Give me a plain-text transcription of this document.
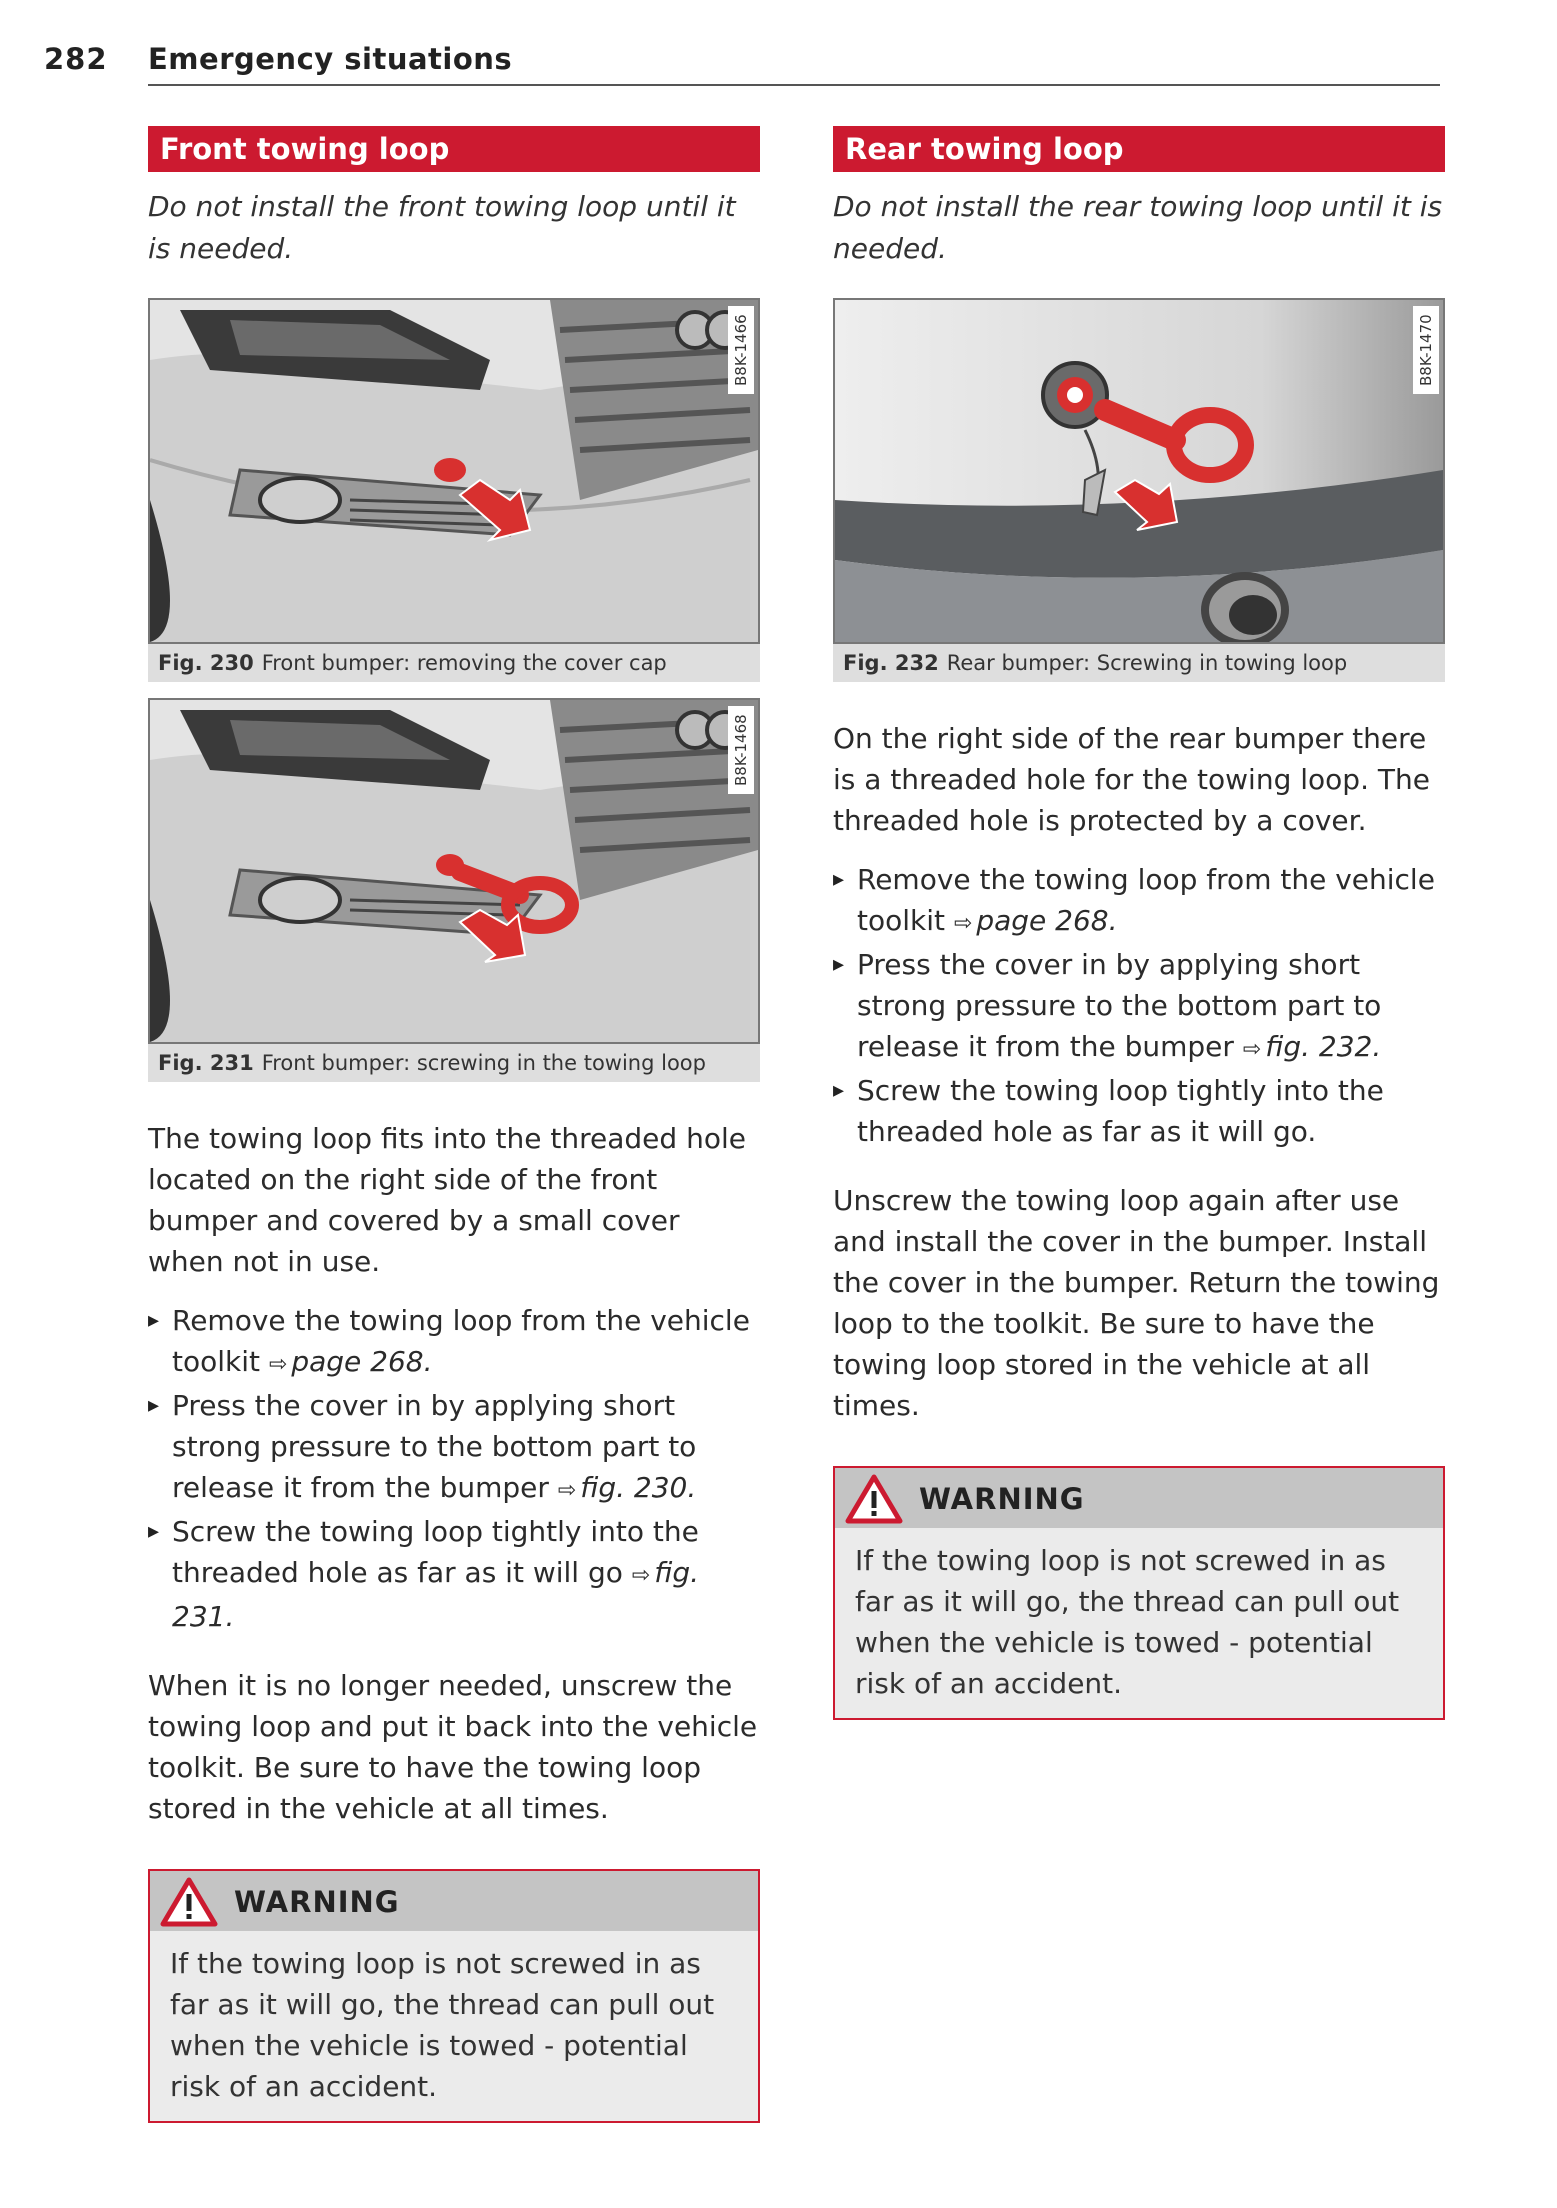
282 Emergency situations
Front towing loop
Do not install the front towing loop until it is needed.
B8K-1466
Fig. 230 Front bumper: removing the cover cap
B8K-1468
Fig. 231 Front bumper: screwing in the towing loop
The towing loop fits into the threaded hole located on the right side of the front bumper and covered by a small cover when not in use.
▸ Remove the towing loop from the vehicle toolkit ⇨ page 268.
▸ Press the cover in by applying short strong pressure to the bottom part to release it from the bumper ⇨ fig. 230.
▸ Screw the towing loop tightly into the threaded hole as far as it will go ⇨ fig. 231.
When it is no longer needed, unscrew the towing loop and put it back into the vehicle toolkit. Be sure to have the towing loop stored in the vehicle at all times.
WARNING
If the towing loop is not screwed in as far as it will go, the thread can pull out when the vehicle is towed - potential risk of an accident.
Rear towing loop
Do not install the rear towing loop until it is needed.
B8K-1470
Fig. 232 Rear bumper: Screwing in towing loop
On the right side of the rear bumper there is a threaded hole for the towing loop. The threaded hole is protected by a cover.
▸ Remove the towing loop from the vehicle toolkit ⇨ page 268.
▸ Press the cover in by applying short strong pressure to the bottom part to release it from the bumper ⇨ fig. 232.
▸ Screw the towing loop tightly into the threaded hole as far as it will go.
Unscrew the towing loop again after use and install the cover in the bumper. Install the cover in the bumper. Return the towing loop to the toolkit. Be sure to have the towing loop stored in the vehicle at all times.
WARNING
If the towing loop is not screwed in as far as it will go, the thread can pull out when the vehicle is towed - potential risk of an accident.
